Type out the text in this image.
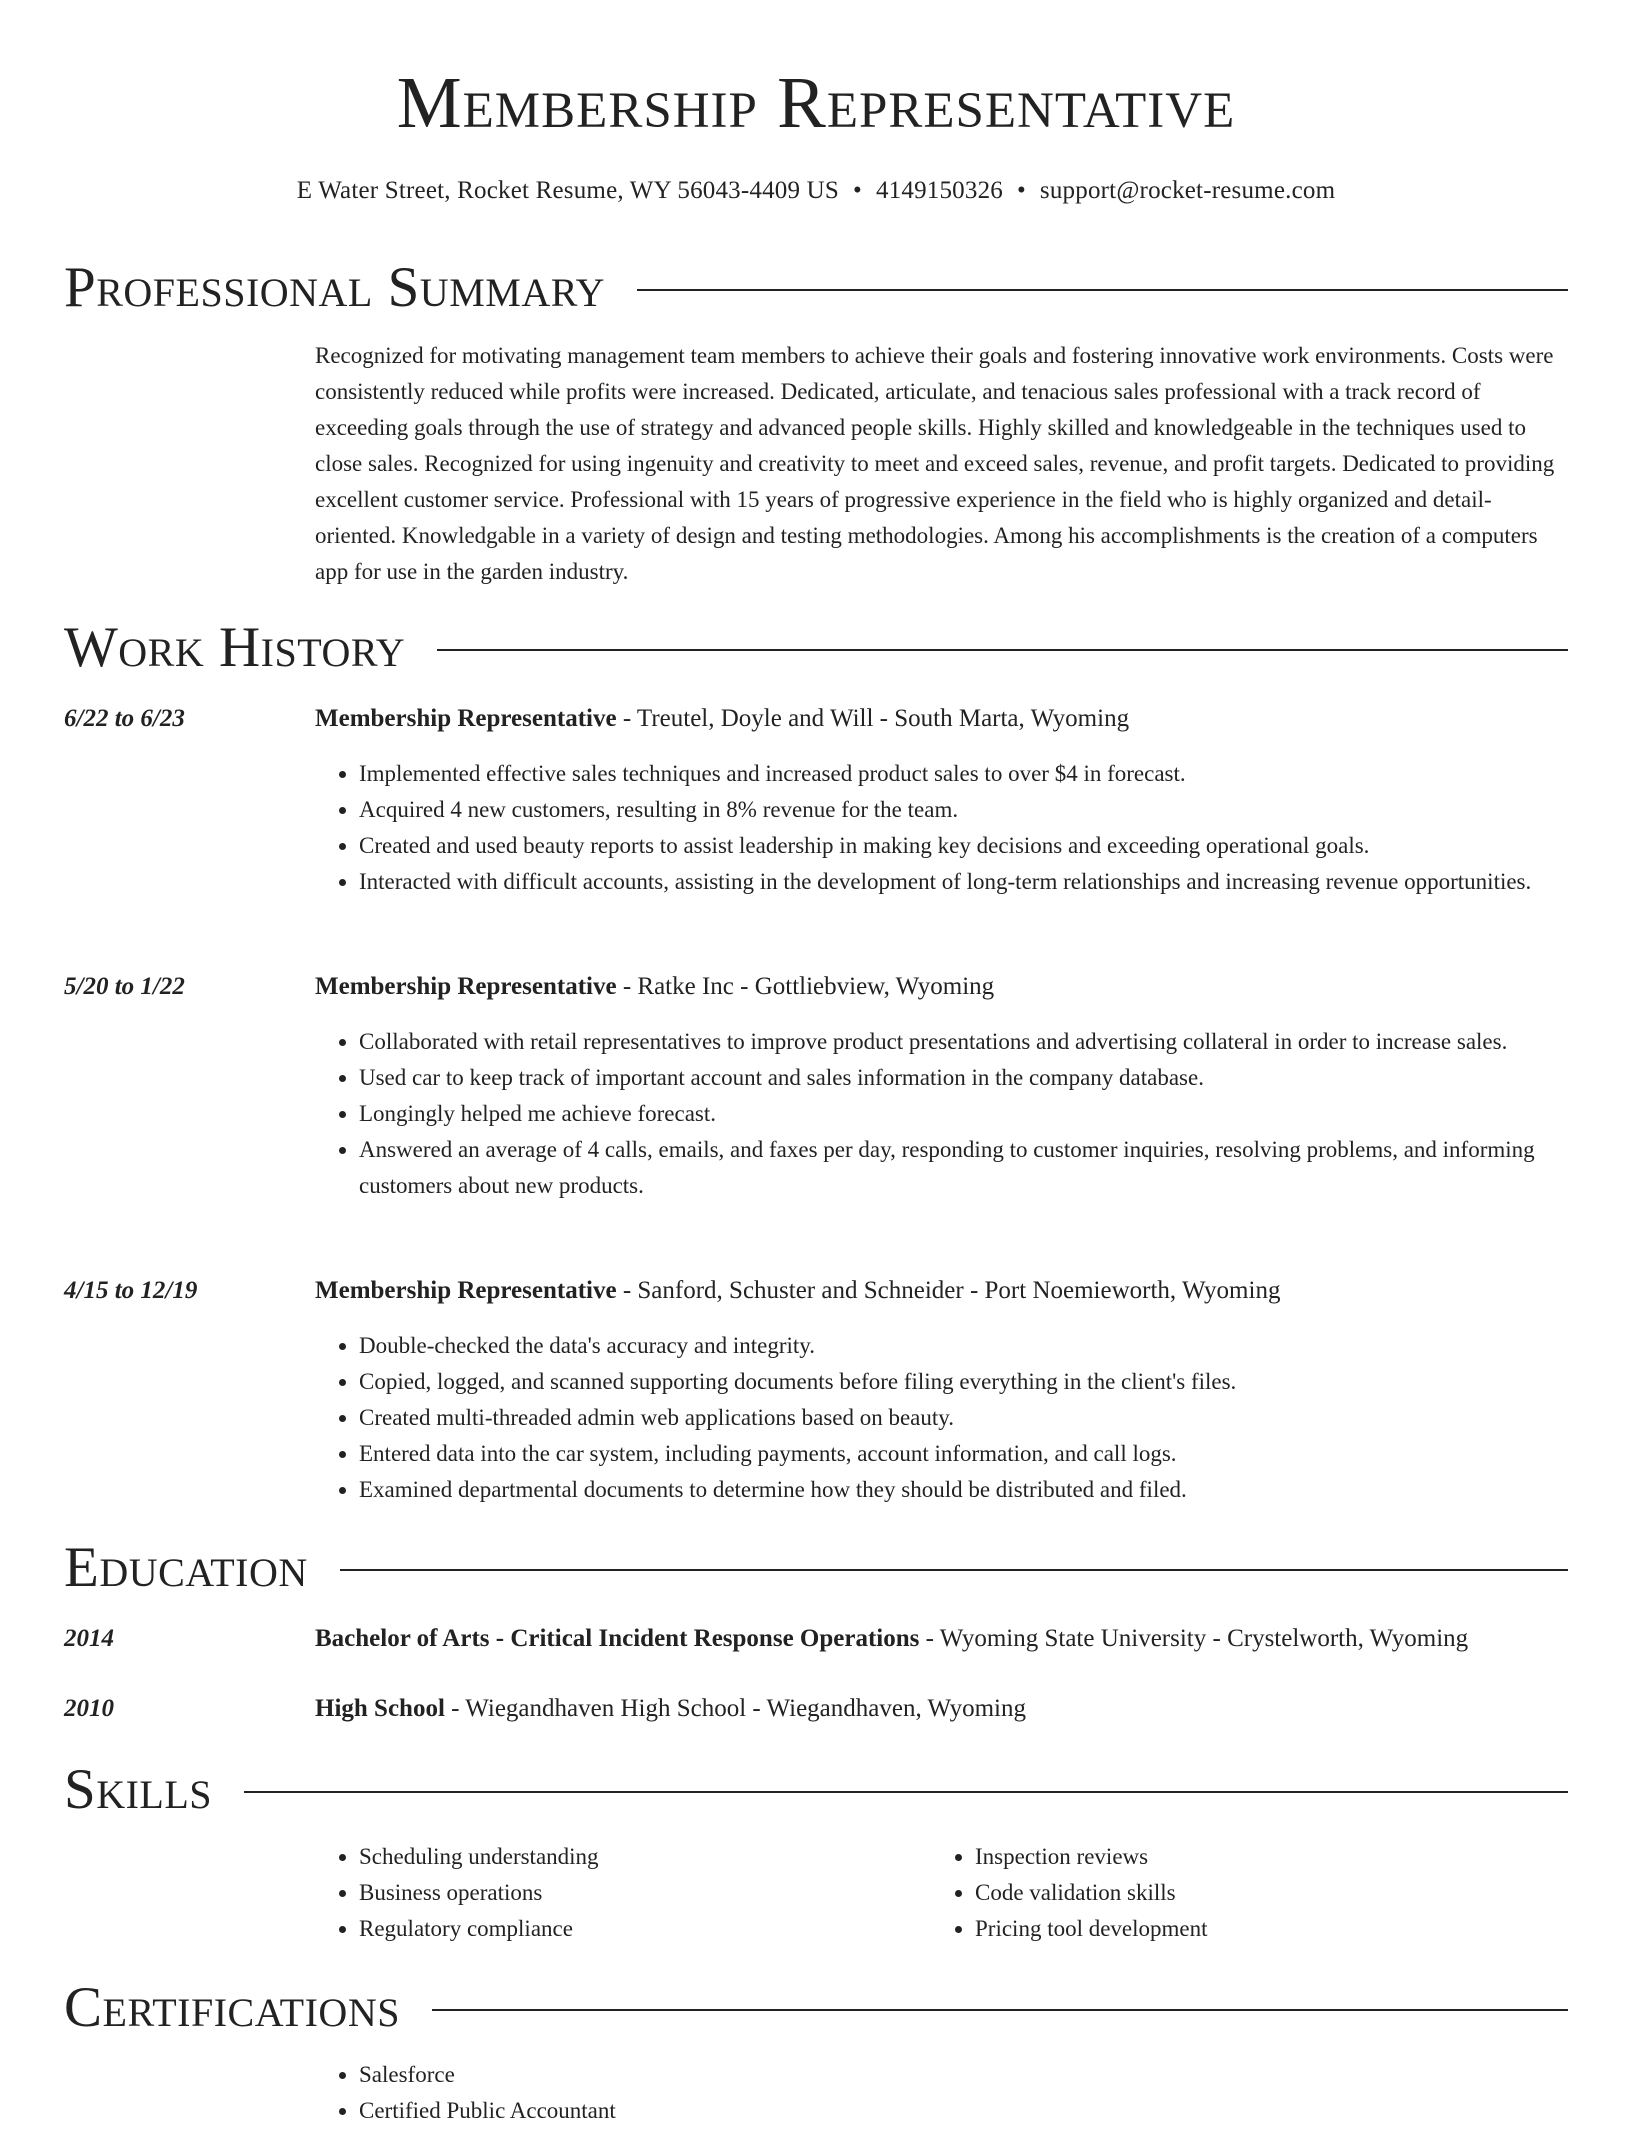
Membership Representative
E Water Street, Rocket Resume, WY 56043-4409 US • 4149150326 • support@rocket-resume.com
Professional Summary

Recognized for motivating management team members to achieve their goals and fostering innovative work environments. Costs were consistently reduced while profits were increased. Dedicated, articulate, and tenacious sales professional with a track record of exceeding goals through the use of strategy and advanced people skills. Highly skilled and knowledgeable in the techniques used to close sales. Recognized for using ingenuity and creativity to meet and exceed sales, revenue, and profit targets. Dedicated to providing excellent customer service. Professional with 15 years of progressive experience in the field who is highly organized and detail-oriented. Knowledgable in a variety of design and testing methodologies. Among his accomplishments is the creation of a computers app for use in the garden industry.

Work History
6/22 to 6/23	Membership Representative - Treutel, Doyle and Will - South Marta, Wyoming
• Implemented effective sales techniques and increased product sales to over $4 in forecast.
• Acquired 4 new customers, resulting in 8% revenue for the team.
• Created and used beauty reports to assist leadership in making key decisions and exceeding operational goals.
• Interacted with difficult accounts, assisting in the development of long-term relationships and increasing revenue opportunities.
5/20 to 1/22	Membership Representative - Ratke Inc - Gottliebview, Wyoming
• Collaborated with retail representatives to improve product presentations and advertising collateral in order to increase sales.
• Used car to keep track of important account and sales information in the company database.
• Longingly helped me achieve forecast.
• Answered an average of 4 calls, emails, and faxes per day, responding to customer inquiries, resolving problems, and informing customers about new products.
4/15 to 12/19	Membership Representative - Sanford, Schuster and Schneider - Port Noemieworth, Wyoming
• Double-checked the data's accuracy and integrity.
• Copied, logged, and scanned supporting documents before filing everything in the client's files.
• Created multi-threaded admin web applications based on beauty.
• Entered data into the car system, including payments, account information, and call logs.
• Examined departmental documents to determine how they should be distributed and filed.
Education
2014	Bachelor of Arts - Critical Incident Response Operations - Wyoming State University - Crystelworth, Wyoming
2010	High School - Wiegandhaven High School - Wiegandhaven, Wyoming
Skills
• Scheduling understanding
• Business operations
• Regulatory compliance
• Inspection reviews
• Code validation skills
• Pricing tool development
Certifications
• Salesforce
• Certified Public Accountant
